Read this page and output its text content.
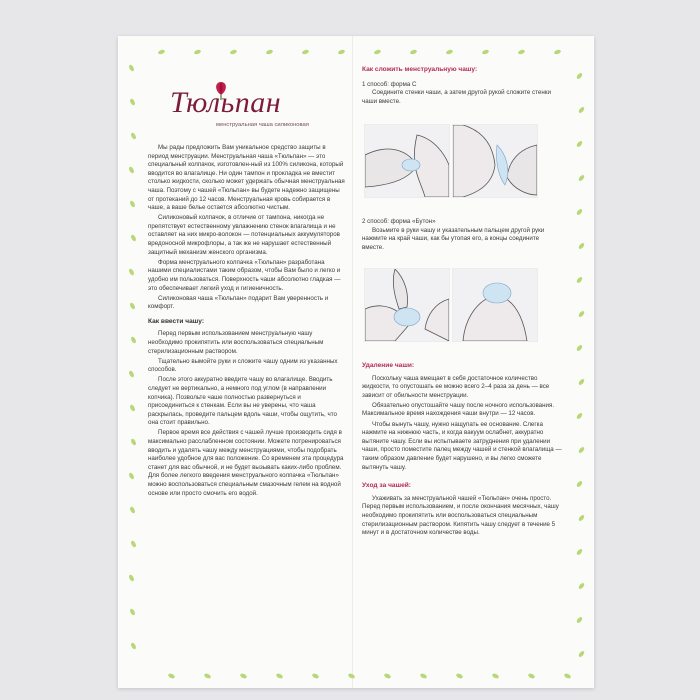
Тюльпан
менструальная чаша силиконовая

Мы рады предложить Вам уникальное средство защиты в период менструации. Менструальная чаша «Тюльпан» — это специальный колпачок, изготовлен-ный из 100% силикона, который вводится во влагалище. Ни один тампон и прокладка не вместит столько жидкости, сколько может удержать обычная менструальная чаша. Поэтому с чашей «Тюльпан» вы будете надежно защищены от протеканий до 12 часов. Менструальная кровь собирается в чаше, а ваше белье остается абсолютно чистым.

Силиконовый колпачок, в отличие от тампона, никогда не препятствует естественному увлажнению стенок влагалища и не оставляет на них микро-волокон — потенциальных аккумуляторов вредоносной микрофлоры, а так же не нарушает естественный защитный механизм женского организма.

Форма менструального колпачка «Тюльпан» разработана нашими специалистами таким образом, чтобы Вам было и легко и удобно им пользоваться. Поверхность чаши абсолютно гладкая — это обеспечивает легкий уход и гигиеничность.

Силиконовая чаша «Тюльпан» подарит Вам уверенность и комфорт.

Как ввести чашу:

Перед первым использованием менструальную чашу необходимо прокипятить или воспользоваться специальным стерилизационным раствором.

Тщательно вымойте руки и сложите чашу одним из указанных способов.

После этого аккуратно введите чашу во влагалище. Вводить следует не вертикально, а немного под углом (в направлении копчика). Позвольте чаше полностью развернуться и присоединиться к стенкам. Если вы не уверены, что чаша раскрылась, проведите пальцем вдоль чаши, чтобы ощутить, что она стоит правильно.

Первое время все действия с чашей лучше производить сидя в максимально расслабленном состоянии. Можете потренироваться вводить и удалять чашу между менструациями, чтобы подобрать наиболее удобное для вас положение. Со временем эта процедура станет для вас обычной, и не будет вызывать каких-либо проблем. Для более легкого введения менструального колпачка «Тюльпан» можно воспользоваться специальным смазочным гелем на водной основе или просто смочить его водой.

Как сложить менструальную чашу:
1 способ: форма С

Соедините стенки чаши, а затем другой рукой сложите стенки чаши вместе.

2 способ: форма «Бутон»

Возьмите в руки чашу и указательным пальцем другой руки нажмите на край чаши, как бы утопая его, а концы соедините вместе.

Удаление чаши:

Поскольку чаша вмещает в себя достаточное количество жидкости, то опустошать ее можно всего 2–4 раза за день — все зависит от обильности менструации.

Обязательно опустошайте чашу после ночного использования. Максимальное время нахождения чаши внутри — 12 часов.

Чтобы вынуть чашу, нужно нащупать ее основание. Слегка нажмите на нижнюю часть, и когда вакуум ослабнет, аккуратно вытяните чашу. Если вы испытываете затруднения при удалении чаши, просто поместите палец между чашей и стенкой влагалища — таким образом давление будет нарушено, и вы легко сможете вытянуть чашу.

Уход за чашей:

Ухаживать за менструальной чашей «Тюльпан» очень просто. Перед первым использованием, и после окончания месячных, чашу необходимо прокипятить или воспользоваться специальным стерилизационным раствором. Кипятить чашу следует в течение 5 минут и в достаточном количестве воды.
